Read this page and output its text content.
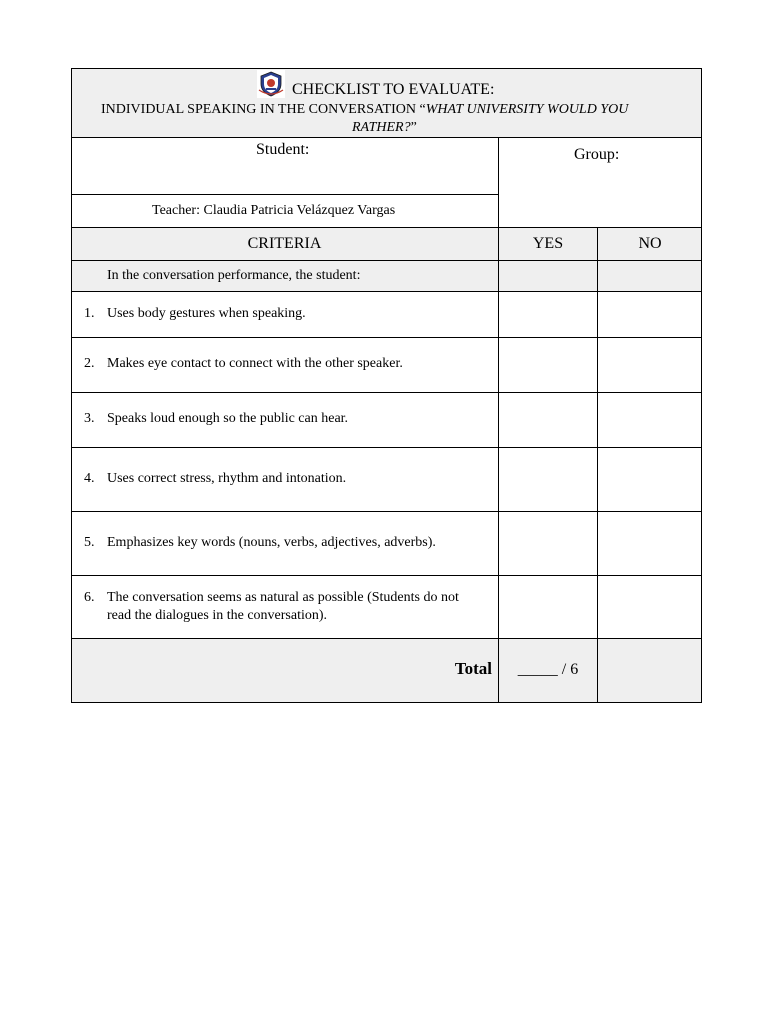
CHECKLIST TO EVALUATE:
INDIVIDUAL SPEAKING IN THE CONVERSATION “WHAT UNIVERSITY WOULD YOU
RATHER?”
Student:	Group:
Teacher: Claudia Patricia Velázquez Vargas
CRITERIA	YES	NO
In the conversation performance, the student:
1. Uses body gestures when speaking.
2. Makes eye contact to connect with the other speaker.
3. Speaks loud enough so the public can hear.
4. Uses correct stress, rhythm and intonation.
5. Emphasizes key words (nouns, verbs, adjectives, adverbs).
6. The conversation seems as natural as possible (Students do not
read the dialogues in the conversation).
Total	_____ / 6
